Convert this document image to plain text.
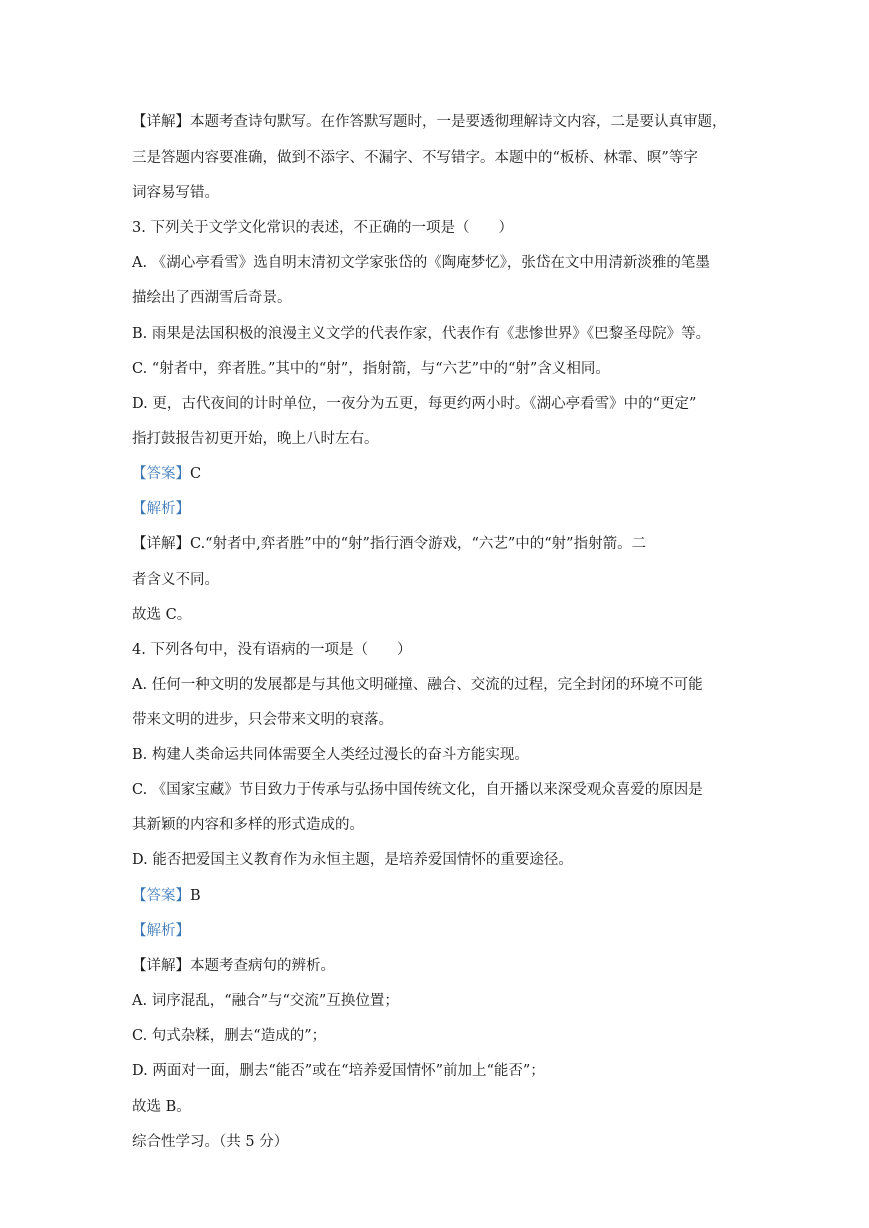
【详解】本题考查诗句默写。在作答默写题时，一是要透彻理解诗文内容，二是要认真审题，
三是答题内容要准确，做到不添字、不漏字、不写错字。本题中的“板桥、林霏、暝”等字
词容易写错。
3. 下列关于文学文化常识的表述，不正确的一项是（　　）
A. 《湖心亭看雪》选自明末清初文学家张岱的《陶庵梦忆》，张岱在文中用清新淡雅的笔墨
描绘出了西湖雪后奇景。
B. 雨果是法国积极的浪漫主义文学的代表作家，代表作有《悲惨世界》《巴黎圣母院》等。
C. “射者中，弈者胜。”其中的“射”，指射箭，与“六艺”中的“射”含义相同。
D. 更，古代夜间的计时单位，一夜分为五更，每更约两小时。《湖心亭看雪》中的“更定”
指打鼓报告初更开始，晚上八时左右。
【答案】C
【解析】
【详解】C.“射者中,弈者胜”中的“射”指行酒令游戏，“六艺”中的“射”指射箭。二
者含义不同。
故选 C。
4. 下列各句中，没有语病的一项是（　　）
A. 任何一种文明的发展都是与其他文明碰撞、融合、交流的过程，完全封闭的环境不可能
带来文明的进步，只会带来文明的衰落。
B. 构建人类命运共同体需要全人类经过漫长的奋斗方能实现。
C. 《国家宝藏》节目致力于传承与弘扬中国传统文化，自开播以来深受观众喜爱的原因是
其新颖的内容和多样的形式造成的。
D. 能否把爱国主义教育作为永恒主题，是培养爱国情怀的重要途径。
【答案】B
【解析】
【详解】本题考查病句的辨析。
A. 词序混乱，“融合”与“交流”互换位置；
C. 句式杂糅，删去“造成的”；
D. 两面对一面，删去“能否”或在“培养爱国情怀”前加上“能否”；
故选 B。
综合性学习。（共 5 分）
